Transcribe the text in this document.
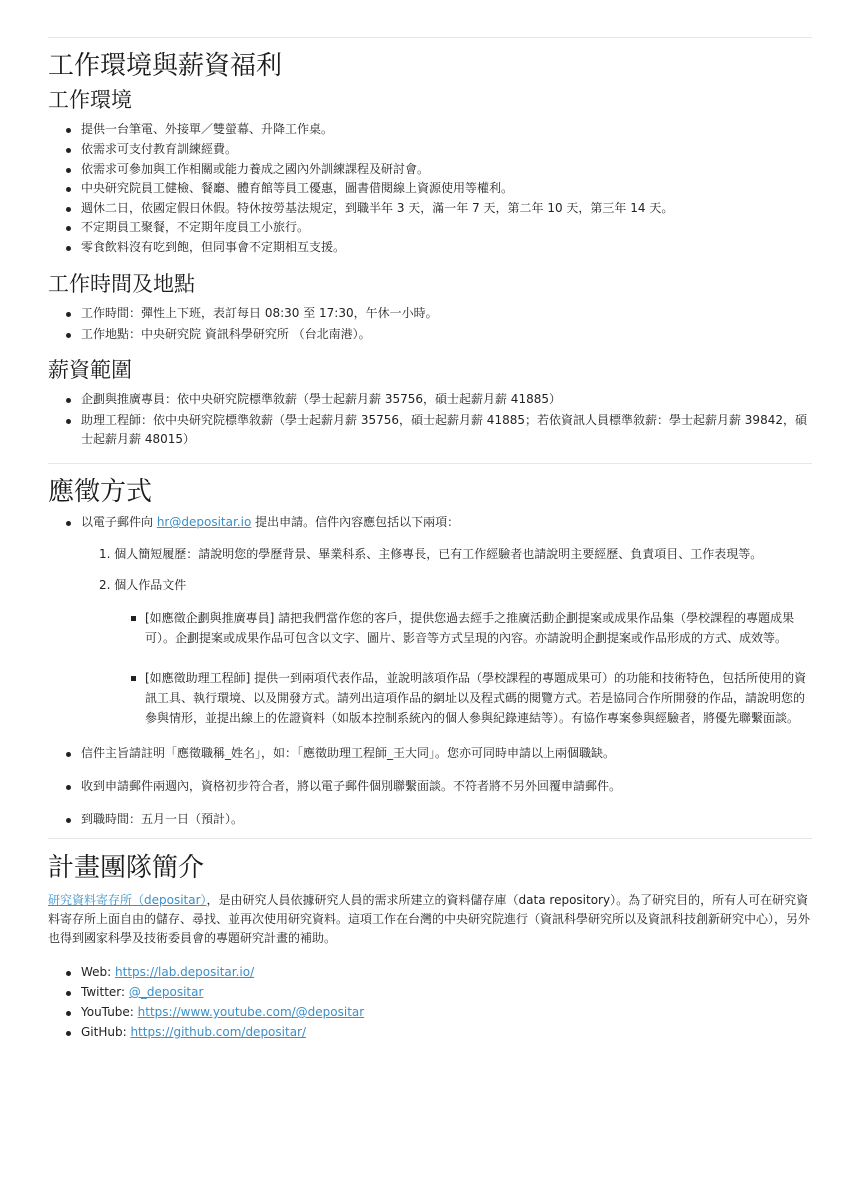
工作環境與薪資福利
工作環境
提供一台筆電、外接單／雙螢幕、升降工作桌。
依需求可支付教育訓練經費。
依需求可參加與工作相關或能力養成之國內外訓練課程及研討會。
中央研究院員工健檢、餐廳、體育館等員工優惠，圖書借閱線上資源使用等權利。
週休二日，依國定假日休假。特休按勞基法規定，到職半年 3 天，滿一年 7 天，第二年 10 天，第三年 14 天。
不定期員工聚餐，不定期年度員工小旅行。
零食飲料沒有吃到飽，但同事會不定期相互支援。
工作時間及地點
工作時間：彈性上下班，表訂每日 08:30 至 17:30，午休一小時。
工作地點：中央研究院 資訊科學研究所 （台北南港）。
薪資範圍
企劃與推廣專員：依中央研究院標準敘薪（學士起薪月薪 35756，碩士起薪月薪 41885）
助理工程師：依中央研究院標準敘薪（學士起薪月薪 35756，碩士起薪月薪 41885；若依資訊人員標準敘薪：學士起薪月薪 39842，碩士起薪月薪 48015）
應徵方式
以電子郵件向 hr@depositar.io 提出申請。信件內容應包括以下兩項：
1. 個人簡短履歷：請說明您的學歷背景、畢業科系、主修專長，已有工作經驗者也請說明主要經歷、負責項目、工作表現等。
2. 個人作品文件
[如應徵企劃與推廣專員] 請把我們當作您的客戶，提供您過去經手之推廣活動企劃提案或成果作品集（學校課程的專題成果可）。企劃提案或成果作品可包含以文字、圖片、影音等方式呈現的內容。亦請說明企劃提案或作品形成的方式、成效等。
[如應徵助理工程師] 提供一到兩項代表作品，並說明該項作品（學校課程的專題成果可）的功能和技術特色，包括所使用的資訊工具、執行環境、以及開發方式。請列出這項作品的網址以及程式碼的閱覽方式。若是協同合作所開發的作品，請說明您的參與情形，並提出線上的佐證資料（如版本控制系統內的個人參與紀錄連結等）。有協作專案參與經驗者，將優先聯繫面談。
信件主旨請註明「應徵職稱_姓名」，如：「應徵助理工程師_王大同」。您亦可同時申請以上兩個職缺。
收到申請郵件兩週內，資格初步符合者，將以電子郵件個別聯繫面談。不符者將不另外回覆申請郵件。
到職時間：五月一日（預計）。
計畫團隊簡介
研究資料寄存所（depositar），是由研究人員依據研究人員的需求所建立的資料儲存庫（data repository）。為了研究目的，所有人可在研究資料寄存所上面自由的儲存、尋找、並再次使用研究資料。這項工作在台灣的中央研究院進行（資訊科學研究所以及資訊科技創新研究中心），另外也得到國家科學及技術委員會的專題研究計畫的補助。
Web: https://lab.depositar.io/
Twitter: @_depositar
YouTube: https://www.youtube.com/@depositar
GitHub: https://github.com/depositar/
